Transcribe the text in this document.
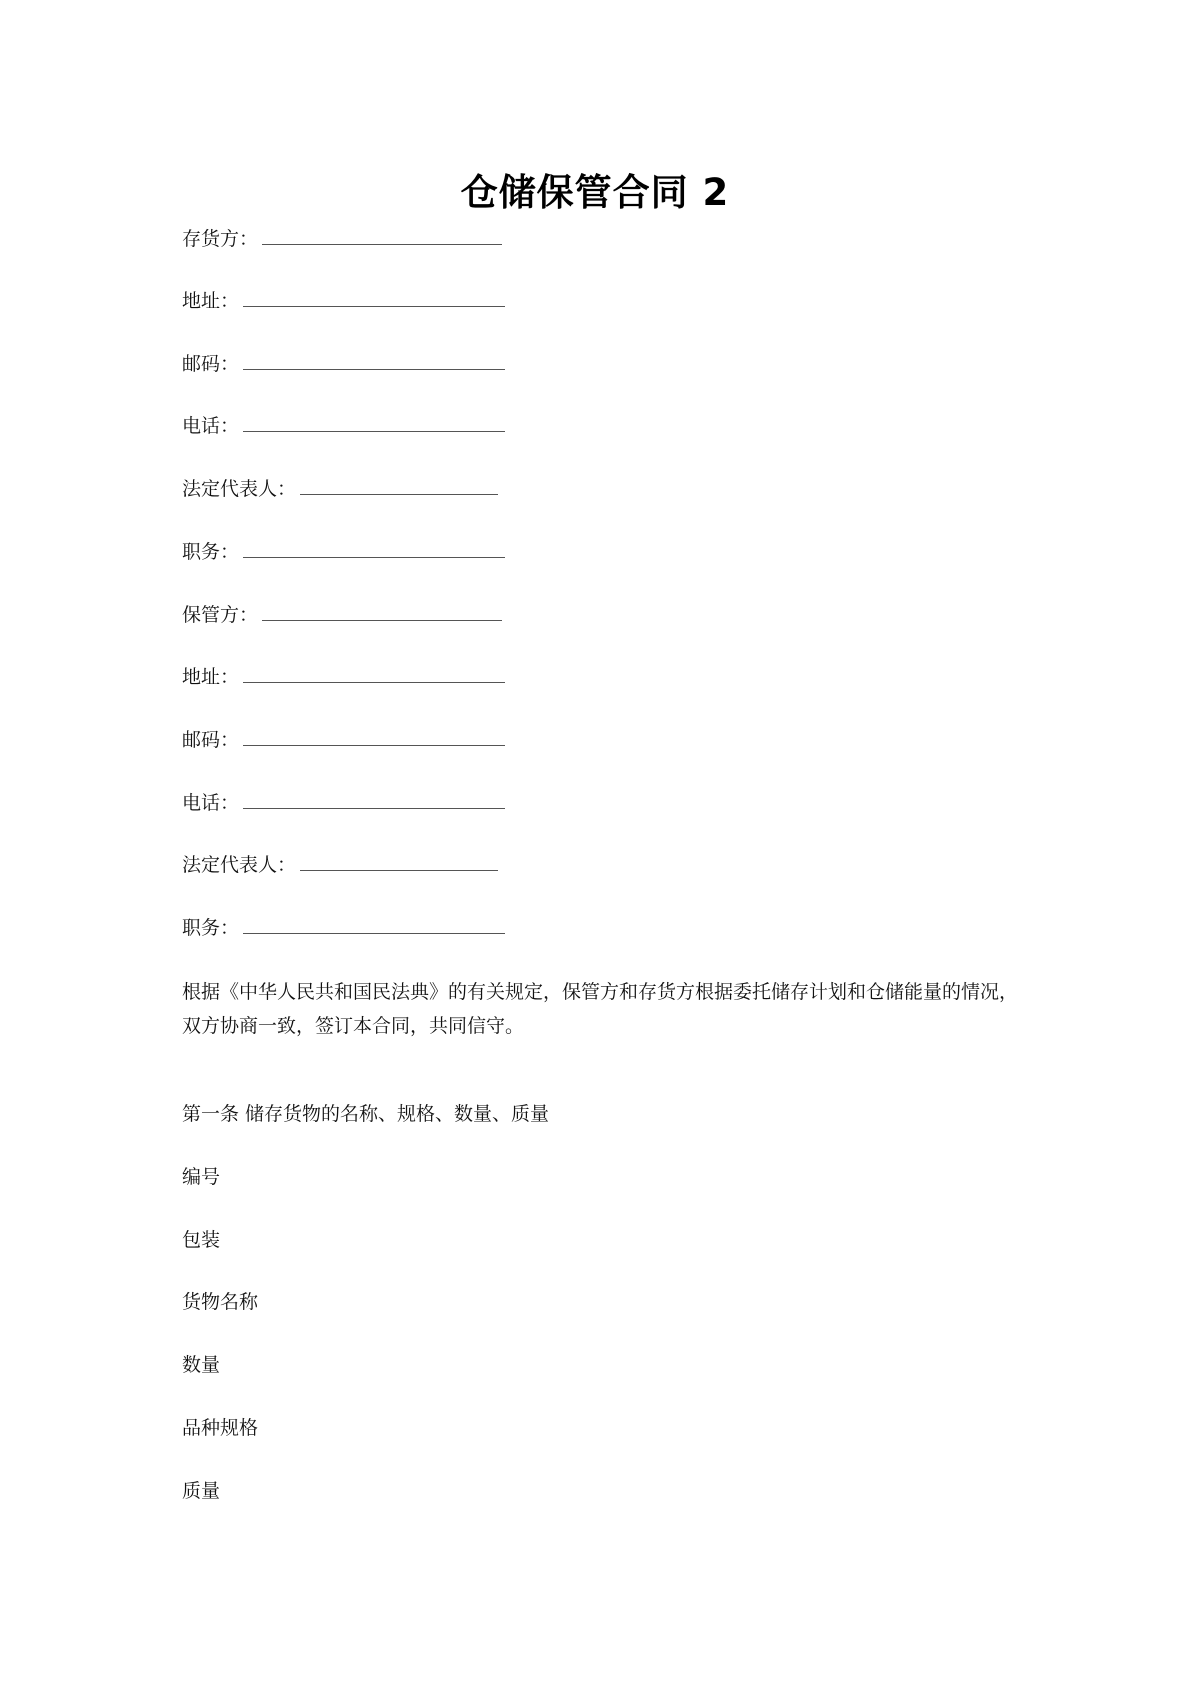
仓储保管合同 2
存货方：
地址：
邮码：
电话：
法定代表人：
职务：
保管方：
地址：
邮码：
电话：
法定代表人：
职务：
根据《中华人民共和国民法典》的有关规定，保管方和存货方根据委托储存计划和仓储能量的情况，双方协商一致，签订本合同，共同信守。
第一条 储存货物的名称、规格、数量、质量
编号
包装
货物名称
数量
品种规格
质量
